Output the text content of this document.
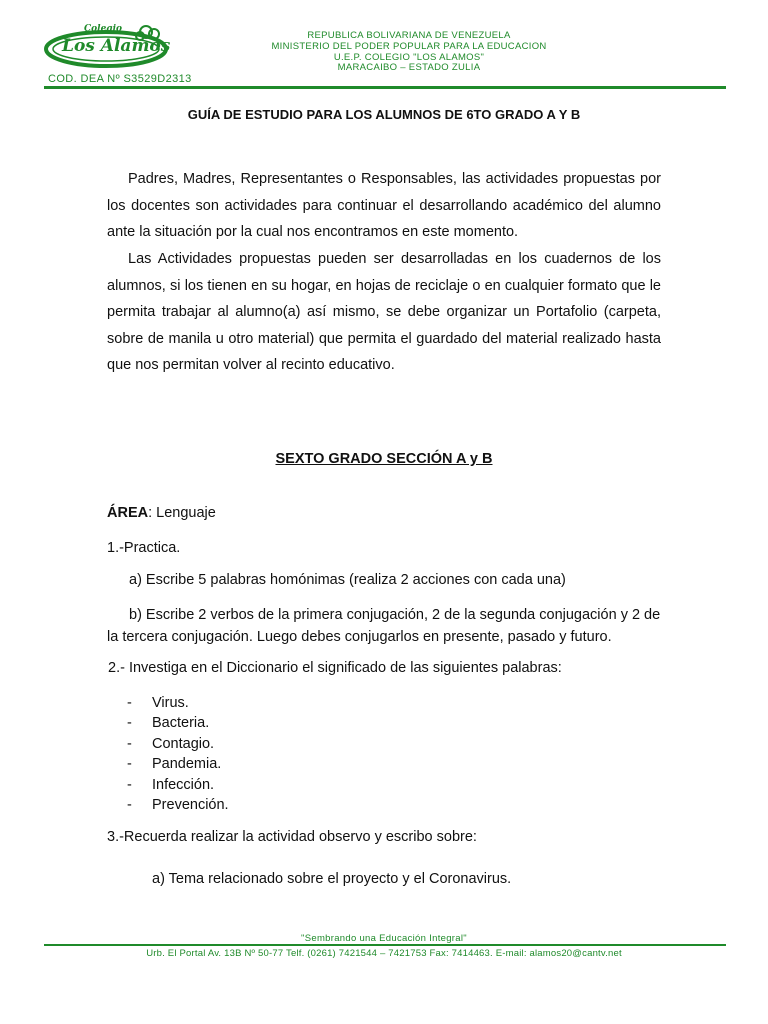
Colegio
Los Alamos
REPUBLICA BOLIVARIANA DE VENEZUELA
MINISTERIO DEL PODER POPULAR PARA LA EDUCACION
U.E.P. COLEGIO "LOS ALAMOS"
MARACAIBO – ESTADO ZULIA
COD. DEA Nº S3529D2313
GUÍA DE ESTUDIO PARA LOS ALUMNOS DE 6TO GRADO A Y B
Padres, Madres, Representantes o Responsables, las actividades propuestas por los docentes son actividades para continuar el desarrollando académico del alumno ante la situación por la cual nos encontramos en este momento.
Las Actividades propuestas pueden ser desarrolladas en los cuadernos de los alumnos, si los tienen en su hogar, en hojas de reciclaje o en cualquier formato que le permita trabajar al alumno(a) así mismo, se debe organizar un Portafolio (carpeta, sobre de manila u otro material) que permita el guardado del material realizado hasta que nos permitan volver al recinto educativo.
SEXTO GRADO SECCIÓN A y B
ÁREA: Lenguaje
1.-Practica.
a) Escribe 5 palabras homónimas (realiza 2 acciones con cada una)
b) Escribe 2 verbos de la primera conjugación, 2 de la segunda conjugación y 2 de la tercera conjugación. Luego debes conjugarlos en presente, pasado y futuro.
2.- Investiga en el Diccionario el significado de las siguientes palabras:
- Virus.
- Bacteria.
- Contagio.
- Pandemia.
- Infección.
- Prevención.
3.-Recuerda realizar la actividad observo y escribo sobre:
a) Tema relacionado sobre el proyecto y el Coronavirus.
"Sembrando una Educación Integral"
Urb. El Portal Av. 13B Nº 50-77 Telf. (0261) 7421544 – 7421753 Fax: 7414463. E-mail: alamos20@cantv.net
